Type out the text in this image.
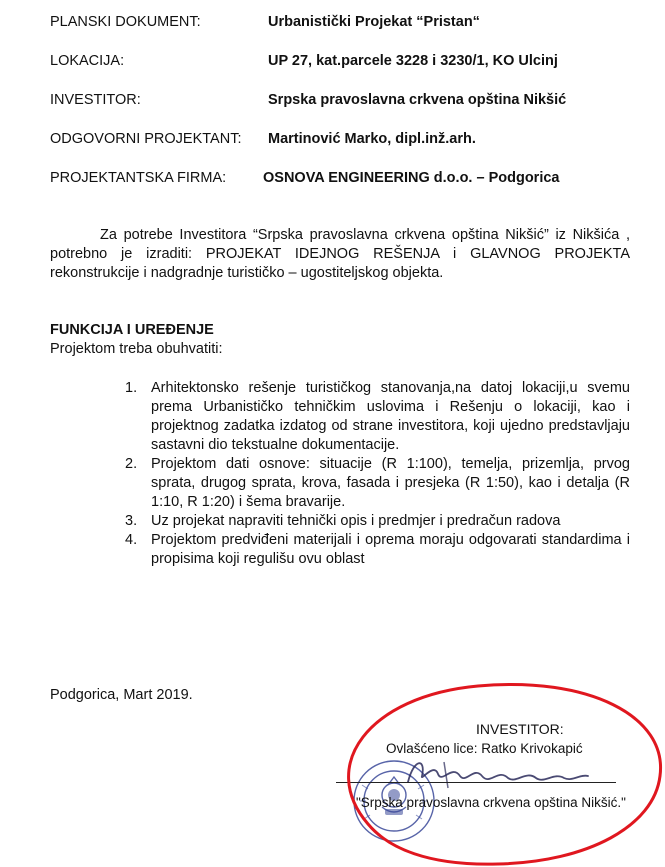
PLANSKI DOKUMENT:	Urbanistički Projekat “Pristan“
LOKACIJA:	UP 27, kat.parcele 3228 i 3230/1, KO Ulcinj
INVESTITOR:	Srpska pravoslavna crkvena opština Nikšić
ODGOVORNI PROJEKTANT: Martinović Marko, dipl.inž.arh.
PROJEKTANTSKA FIRMA:	OSNOVA ENGINEERING d.o.o. – Podgorica
Za potrebe Investitora “Srpska pravoslavna crkvena opština Nikšić” iz Nikšića , potrebno je izraditi: PROJEKAT IDEJNOG REŠENJA i GLAVNOG PROJEKTA rekonstrukcije i nadgradnje turističko – ugostiteljskog objekta.
FUNKCIJA I UREĐENJE
Projektom treba obuhvatiti:
1. Arhitektonsko rešenje turističkog stanovanja,na datoj lokaciji,u svemu prema Urbanističko tehničkim uslovima i Rešenju o lokaciji, kao i projektnog zadatka izdatog od strane investitora, koji ujedno predstavljaju sastavni dio tekstualne dokumentacije.
2. Projektom dati osnove: situacije (R 1:100), temelja, prizemlja, prvog sprata, drugog sprata, krova, fasada i presjeka (R 1:50), kao i detalja (R 1:10, R 1:20) i šema bravarije.
3. Uz projekat napraviti tehnički opis i predmjer i predračun radova
4. Projektom predviđeni materijali i oprema moraju odgovarati standardima i propisima koji regulišu ovu oblast
Podgorica, Mart 2019.
INVESTITOR:
Ovlašćeno lice: Ratko Krivokapić
"Srpska pravoslavna crkvena opština Nikšić."
